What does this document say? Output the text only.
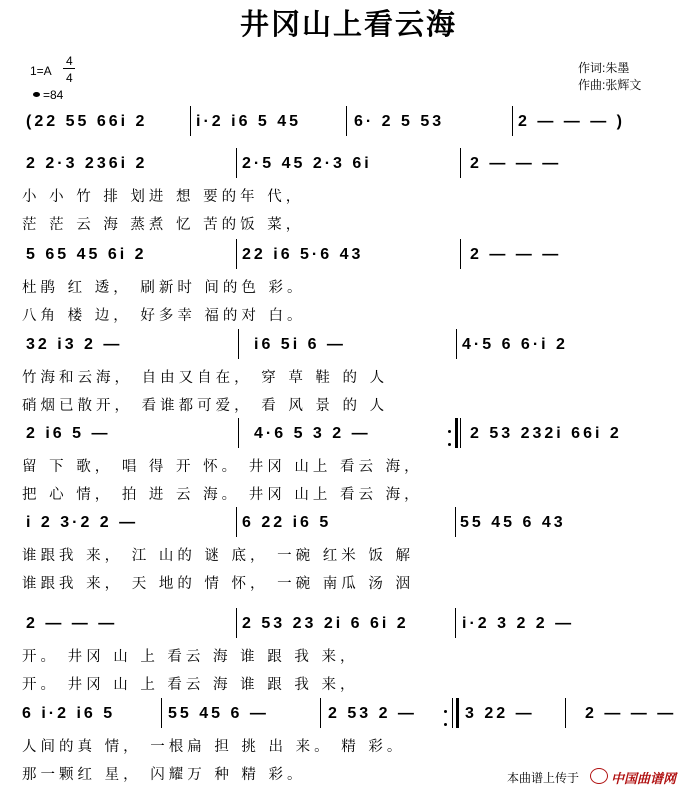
井冈山上看云海
1=A
4
4
=84
作词:朱墨
作曲:张辉文
(22 55 66i 2	i·2 i6 5 45	6· 2 5 53	2 — — — )
2 2·3 236i 2	2·5 45 2·3 6i	2 — — —
小 小 竹 排 划进 想 要的年 代，
茫 茫 云 海 蒸煮 忆 苦的饭 菜，
5 65 45 6i 2	22 i6 5·6 43	2 — — —
杜鹃 红 透， 刷新时 间的色 彩。
八角 楼 边， 好多幸 福的对 白。
32 i3 2 —	i6 5i 6 —	4·5 6 6·i 2
竹海和云海， 自由又自在， 穿 草 鞋 的 人
硝烟已散开， 看谁都可爱， 看 风 景 的 人
2 i6 5 —	4·6 5 3 2 —	2 53 232i 66i 2
留 下 歌， 唱 得 开 怀。 井冈 山上 看云 海，
把 心 情， 拍 进 云 海。 井冈 山上 看云 海，
i 2 3·2 2 —	6 22 i6 5	55 45 6 43
谁跟我 来， 江 山的 谜 底， 一碗 红米 饭 解
谁跟我 来， 天 地的 情 怀， 一碗 南瓜 汤 洇
2 — — —	2 53 23 2i 6 6i 2	i·2 3 2 2 —
开。 井冈 山 上 看云 海 谁 跟 我 来，
开。 井冈 山 上 看云 海 谁 跟 我 来，
6 i·2 i6 5	55 45 6 —	2 53 2 —	3 22 —	2 — — —
人间的真 情， 一根扁 担 挑 出 来。 精 彩。
那一颗红 星， 闪耀万 种 精 彩。	本曲谱上传于 中国曲谱网
